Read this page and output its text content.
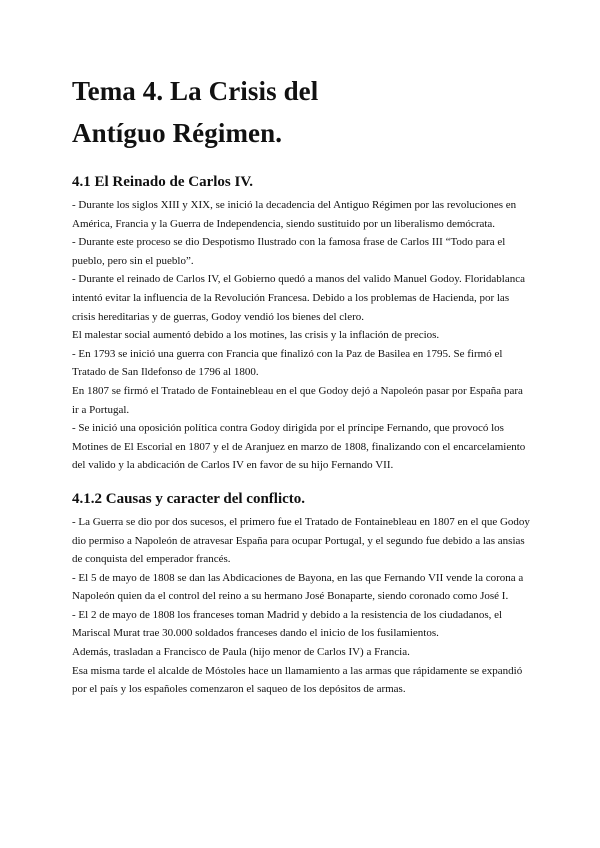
Tema 4. La Crisis del
Antíguo Régimen.
4.1 El Reinado de Carlos IV.

- Durante los siglos XIII y XIX, se inició la decadencia del Antiguo Régimen por las revoluciones en América, Francia y la Guerra de Independencia, siendo sustituido por un liberalismo demócrata.

- Durante este proceso se dio Despotismo Ilustrado con la famosa frase de Carlos III “Todo para el pueblo, pero sin el pueblo”.

- Durante el reinado de Carlos IV, el Gobierno quedó a manos del valido Manuel Godoy. Floridablanca intentó evitar la influencia de la Revolución Francesa. Debido a los problemas de Hacienda, por las crisis hereditarias y de guerras, Godoy vendió los bienes del clero.

El malestar social aumentó debido a los motines, las crisis y la inflación de precios.

- En 1793 se inició una guerra con Francia que finalizó con la Paz de Basilea en 1795. Se firmó el Tratado de San Ildefonso de 1796 al 1800.

En 1807 se firmó el Tratado de Fontainebleau en el que Godoy dejó a Napoleón pasar por España para ir a Portugal.

- Se inició una oposición política contra Godoy dirigida por el príncipe Fernando, que provocó los Motines de El Escorial en 1807 y el de Aranjuez en marzo de 1808, finalizando con el encarcelamiento del valido y la abdicación de Carlos IV en favor de su hijo Fernando VII.

4.1.2 Causas y caracter del conflicto.

- La Guerra se dio por dos sucesos, el primero fue el Tratado de Fontainebleau en 1807 en el que Godoy dio permiso a Napoleón de atravesar España para ocupar Portugal, y el segundo fue debido a las ansias de conquista del emperador francés.

- El 5 de mayo de 1808 se dan las Abdicaciones de Bayona, en las que Fernando VII vende la corona a Napoleón quien da el control del reino a su hermano José Bonaparte, siendo coronado como José I.

- El 2 de mayo de 1808 los franceses toman Madrid y debido a la resistencia de los ciudadanos, el Mariscal Murat trae 30.000 soldados franceses dando el inicio de los fusilamientos.

Además, trasladan a Francisco de Paula (hijo menor de Carlos IV) a Francia.

Esa misma tarde el alcalde de Móstoles hace un llamamiento a las armas que rápidamente se expandió por el país y los españoles comenzaron el saqueo de los depósitos de armas.
